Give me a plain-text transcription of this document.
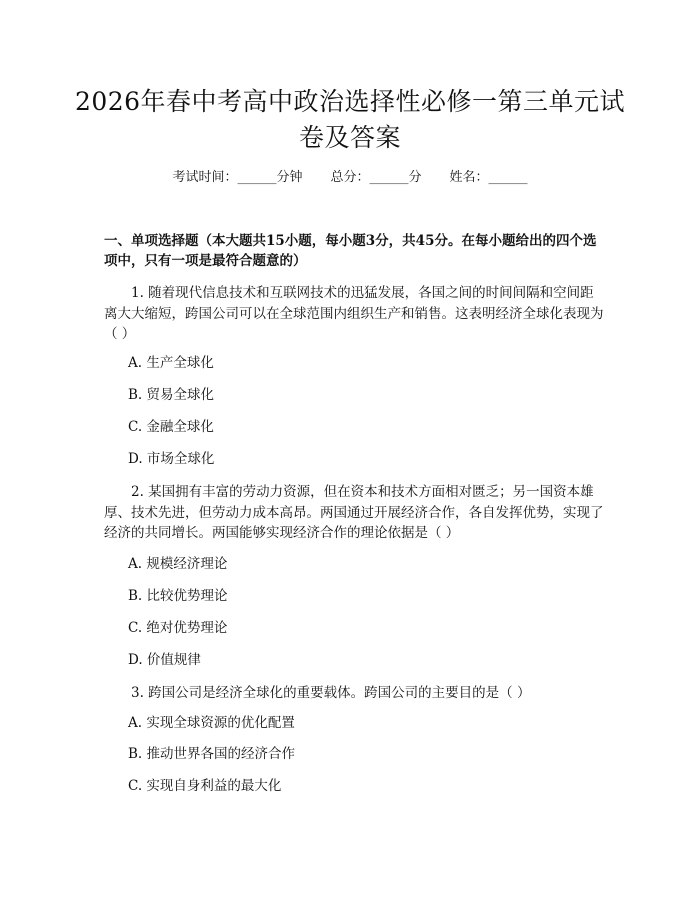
2026年春中考高中政治选择性必修一第三单元试卷及答案
考试时间：______分钟 总分：______分 姓名：______
一、单项选择题（本大题共15小题，每小题3分，共45分。在每小题给出的四个选项中，只有一项是最符合题意的）
1. 随着现代信息技术和互联网技术的迅猛发展，各国之间的时间间隔和空间距离大大缩短，跨国公司可以在全球范围内组织生产和销售。这表明经济全球化表现为（ ）
A. 生产全球化
B. 贸易全球化
C. 金融全球化
D. 市场全球化
2. 某国拥有丰富的劳动力资源，但在资本和技术方面相对匮乏；另一国资本雄厚、技术先进，但劳动力成本高昂。两国通过开展经济合作，各自发挥优势，实现了经济的共同增长。两国能够实现经济合作的理论依据是（ ）
A. 规模经济理论
B. 比较优势理论
C. 绝对优势理论
D. 价值规律
3. 跨国公司是经济全球化的重要载体。跨国公司的主要目的是（ ）
A. 实现全球资源的优化配置
B. 推动世界各国的经济合作
C. 实现自身利益的最大化
